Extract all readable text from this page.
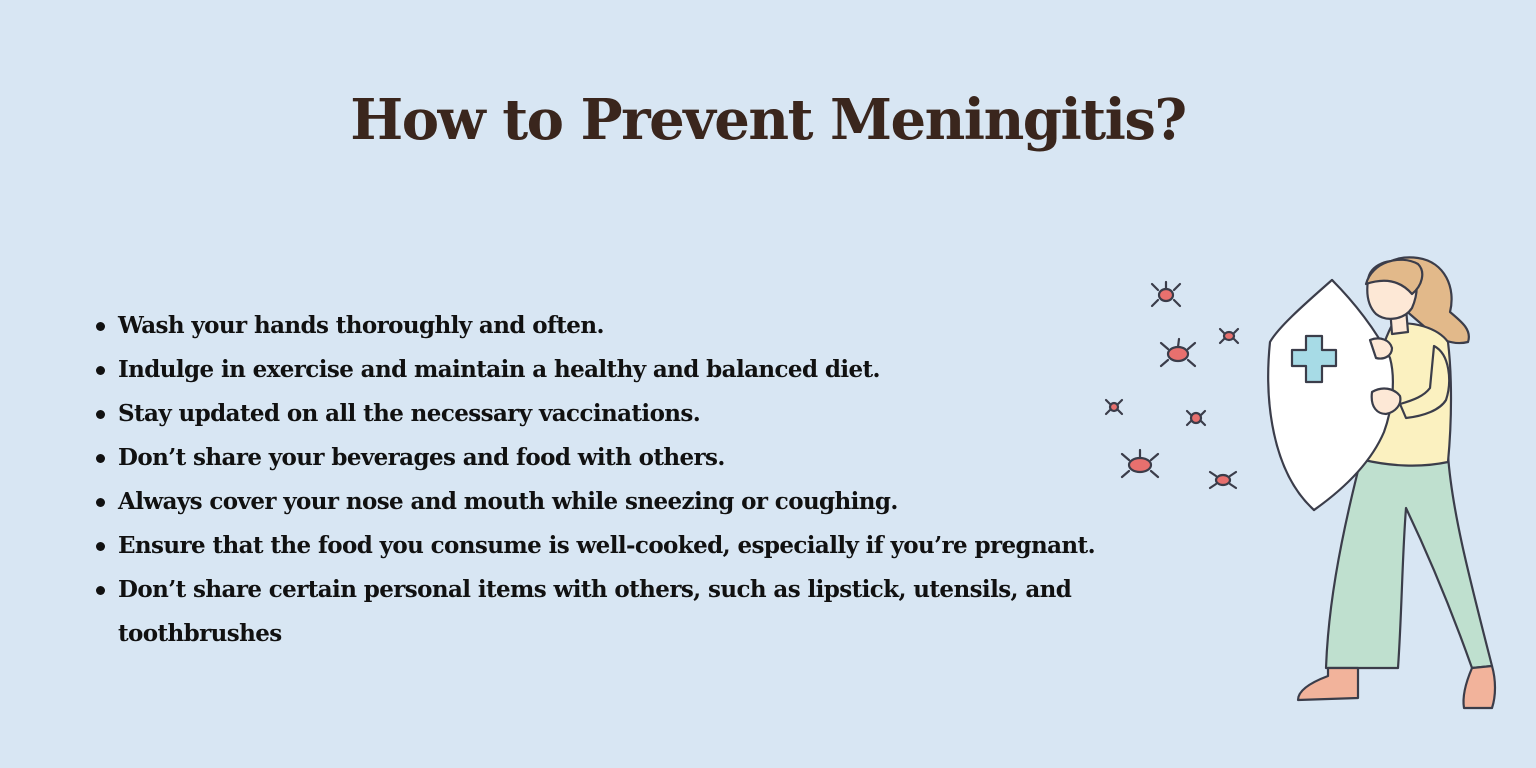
How to Prevent Meningitis?
Wash your hands thoroughly and often.
Indulge in exercise and maintain a healthy and balanced diet.
Stay updated on all the necessary vaccinations.
Don’t share your beverages and food with others.
Always cover your nose and mouth while sneezing or coughing.
Ensure that the food you consume is well-cooked, especially if you’re pregnant.
Don’t share certain personal items with others, such as lipstick, utensils, and toothbrushes
